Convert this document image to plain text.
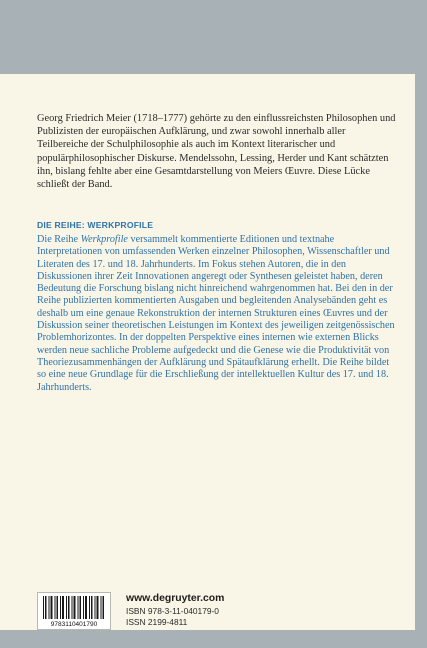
Georg Friedrich Meier (1718–1777) gehörte zu den einflussreichsten Philosophen und Publizisten der europäischen Aufklärung, und zwar sowohl innerhalb aller Teilbereiche der Schulphilosophie als auch im Kontext literarischer und populärphilosophischer Diskurse. Mendelssohn, Lessing, Herder und Kant schätzten ihn, bislang fehlte aber eine Gesamtdarstellung von Meiers Œuvre. Diese Lücke schließt der Band.

DIE REIHE: WERKPROFILE

Die Reihe Werkprofile versammelt kommentierte Editionen und textnahe Interpretationen von umfassenden Werken einzelner Philosophen, Wissenschaftler und Literaten des 17. und 18. Jahrhunderts. Im Fokus stehen Autoren, die in den Diskussionen ihrer Zeit Innovationen angeregt oder Synthesen geleistet haben, deren Bedeutung die Forschung bislang nicht hinreichend wahrgenommen hat. Bei den in der Reihe publizierten kommentierten Ausgaben und begleitenden Analysebänden geht es deshalb um eine genaue Rekonstruktion der internen Strukturen eines Œuvres und der Diskussion seiner theoretischen Leistungen im Kontext des jeweiligen zeitgenössischen Problemhorizontes. In der doppelten Perspektive eines internen wie externen Blicks werden neue sachliche Probleme aufgedeckt und die Genese wie die Produktivität von Theoriezusammenhängen der Aufklärung und Spätaufklärung erhellt. Die Reihe bildet so eine neue Grundlage für die Erschließung der intellektuellen Kultur des 17. und 18. Jahrhunderts.

9783110401790

www.degruyter.com

ISBN 978-3-11-040179-0

ISSN 2199-4811
